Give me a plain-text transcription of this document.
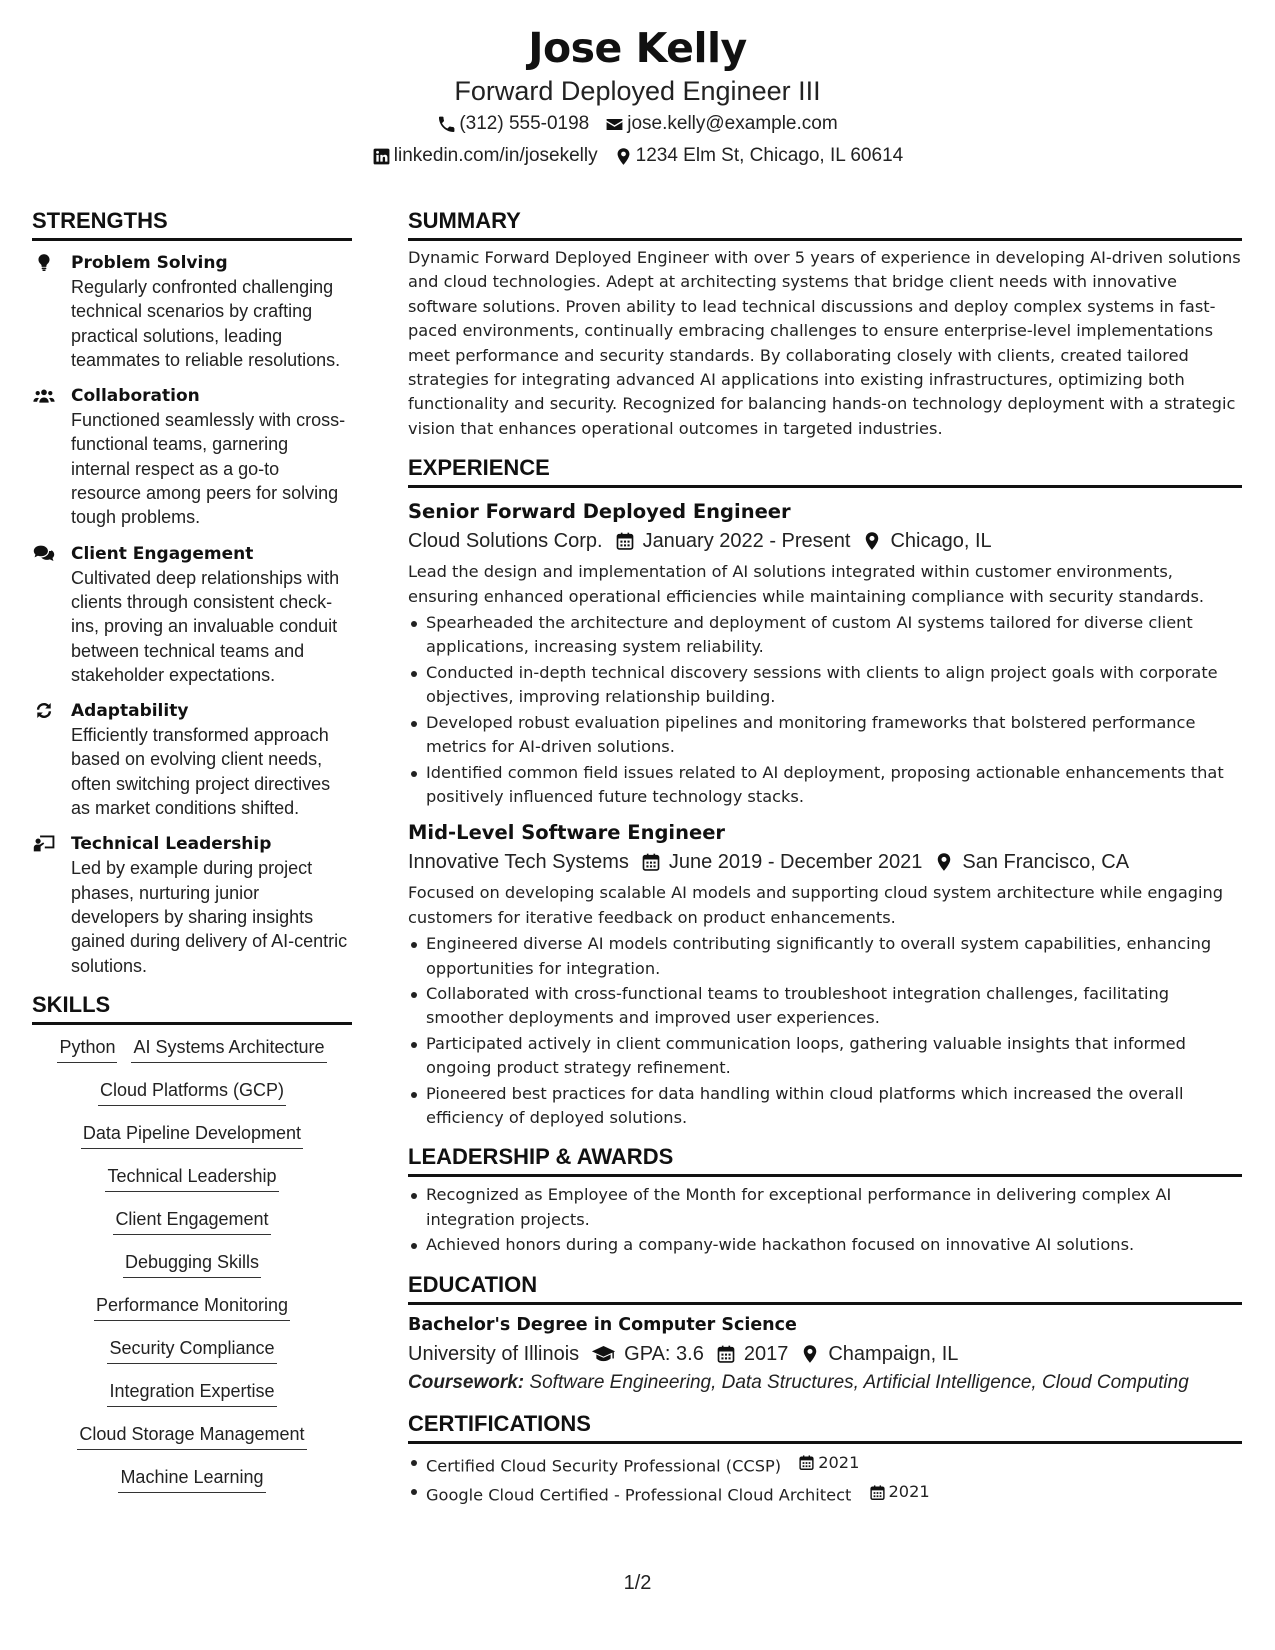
Jose Kelly
Forward Deployed Engineer III
(312) 555-0198 jose.kelly@example.com
linkedin.com/in/josekelly 1234 Elm St, Chicago, IL 60614
STRENGTHS
Problem Solving
Regularly confronted challenging technical scenarios by crafting practical solutions, leading teammates to reliable resolutions.
Collaboration
Functioned seamlessly with cross-functional teams, garnering internal respect as a go-to resource among peers for solving tough problems.
Client Engagement
Cultivated deep relationships with clients through consistent check-ins, proving an invaluable conduit between technical teams and stakeholder expectations.
Adaptability
Efficiently transformed approach based on evolving client needs, often switching project directives as market conditions shifted.
Technical Leadership
Led by example during project phases, nurturing junior developers by sharing insights gained during delivery of AI-centric solutions.
SKILLS
Python AI Systems Architecture
Cloud Platforms (GCP)
Data Pipeline Development
Technical Leadership
Client Engagement
Debugging Skills
Performance Monitoring
Security Compliance
Integration Expertise
Cloud Storage Management
Machine Learning
SUMMARY
Dynamic Forward Deployed Engineer with over 5 years of experience in developing AI-driven solutions and cloud technologies. Adept at architecting systems that bridge client needs with innovative software solutions. Proven ability to lead technical discussions and deploy complex systems in fast-paced environments, continually embracing challenges to ensure enterprise-level implementations meet performance and security standards. By collaborating closely with clients, created tailored strategies for integrating advanced AI applications into existing infrastructures, optimizing both functionality and security. Recognized for balancing hands-on technology deployment with a strategic vision that enhances operational outcomes in targeted industries.
EXPERIENCE
Senior Forward Deployed Engineer
Cloud Solutions Corp. January 2022 - Present Chicago, IL
Lead the design and implementation of AI solutions integrated within customer environments, ensuring enhanced operational efficiencies while maintaining compliance with security standards.
Spearheaded the architecture and deployment of custom AI systems tailored for diverse client applications, increasing system reliability.
Conducted in-depth technical discovery sessions with clients to align project goals with corporate objectives, improving relationship building.
Developed robust evaluation pipelines and monitoring frameworks that bolstered performance metrics for AI-driven solutions.
Identified common field issues related to AI deployment, proposing actionable enhancements that positively influenced future technology stacks.
Mid-Level Software Engineer
Innovative Tech Systems June 2019 - December 2021 San Francisco, CA
Focused on developing scalable AI models and supporting cloud system architecture while engaging customers for iterative feedback on product enhancements.
Engineered diverse AI models contributing significantly to overall system capabilities, enhancing opportunities for integration.
Collaborated with cross-functional teams to troubleshoot integration challenges, facilitating smoother deployments and improved user experiences.
Participated actively in client communication loops, gathering valuable insights that informed ongoing product strategy refinement.
Pioneered best practices for data handling within cloud platforms which increased the overall efficiency of deployed solutions.
LEADERSHIP & AWARDS
Recognized as Employee of the Month for exceptional performance in delivering complex AI integration projects.
Achieved honors during a company-wide hackathon focused on innovative AI solutions.
EDUCATION
Bachelor's Degree in Computer Science
University of Illinois GPA: 3.6 2017 Champaign, IL
Coursework: Software Engineering, Data Structures, Artificial Intelligence, Cloud Computing
CERTIFICATIONS
Certified Cloud Security Professional (CCSP) 2021
Google Cloud Certified - Professional Cloud Architect 2021
1/2
